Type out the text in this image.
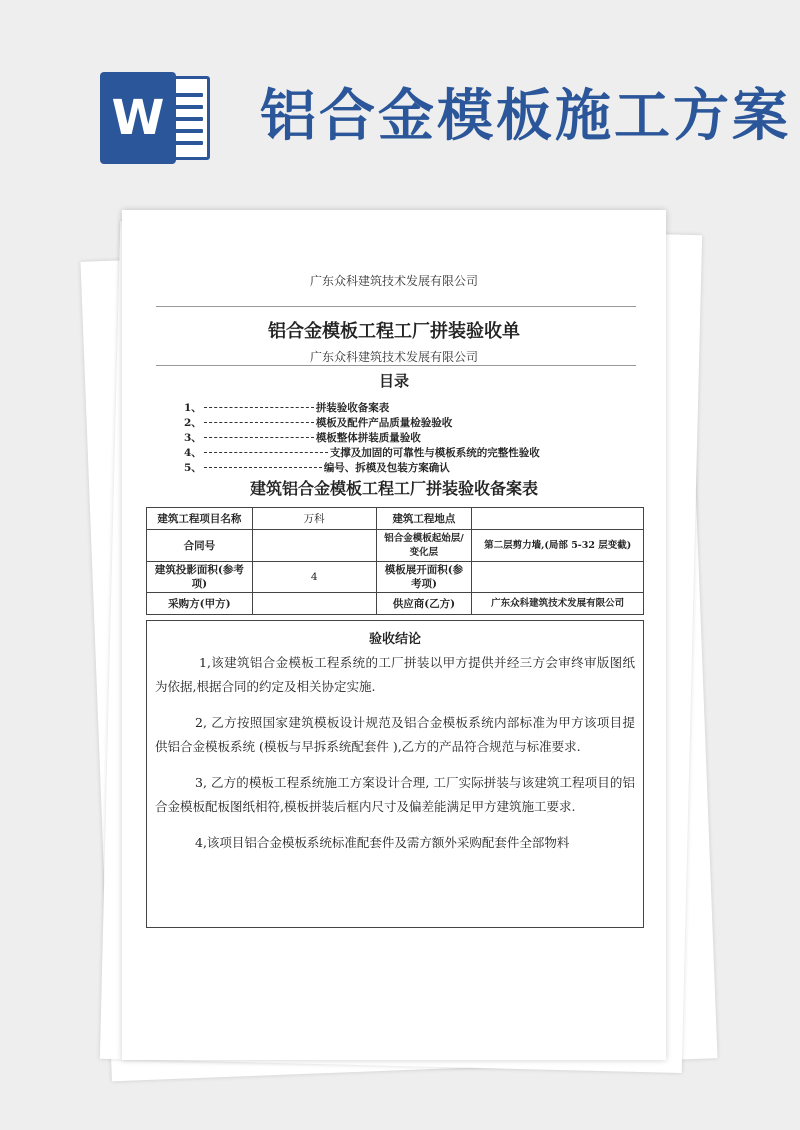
W 铝合金模板施工方案
广东众科建筑技术发展有限公司
铝合金模板工程工厂拼装验收单
广东众科建筑技术发展有限公司
目录
1、	拼装验收备案表
2、	模板及配件产品质量检验验收
3、	模板整体拼装质量验收
4、	支撑及加固的可靠性与模板系统的完整性验收
5、	编号、拆模及包装方案确认
建筑铝合金模板工程工厂拼装验收备案表
建筑工程项目名称	万科	建筑工程地点	
合同号		铝合金模板起始层/变化层	第二层剪力墙,(局部 5-32 层变截)
建筑投影面积(参考项)	4	模板展开面积(参考项)	
采购方(甲方)		供应商(乙方)	广东众科建筑技术发展有限公司
验收结论

1,该建筑铝合金模板工程系统的工厂拼装以甲方提供并经三方会审终审版图纸为依据,根据合同的约定及相关协定实施.

2, 乙方按照国家建筑模板设计规范及铝合金模板系统内部标准为甲方该项目提供铝合金模板系统 (模板与早拆系统配套件 ),乙方的产品符合规范与标准要求.

3, 乙方的模板工程系统施工方案设计合理, 工厂实际拼装与该建筑工程项目的铝合金模板配板图纸相符,模板拼装后框内尺寸及偏差能满足甲方建筑施工要求.

4,该项目铝合金模板系统标准配套件及需方额外采购配套件全部物料
